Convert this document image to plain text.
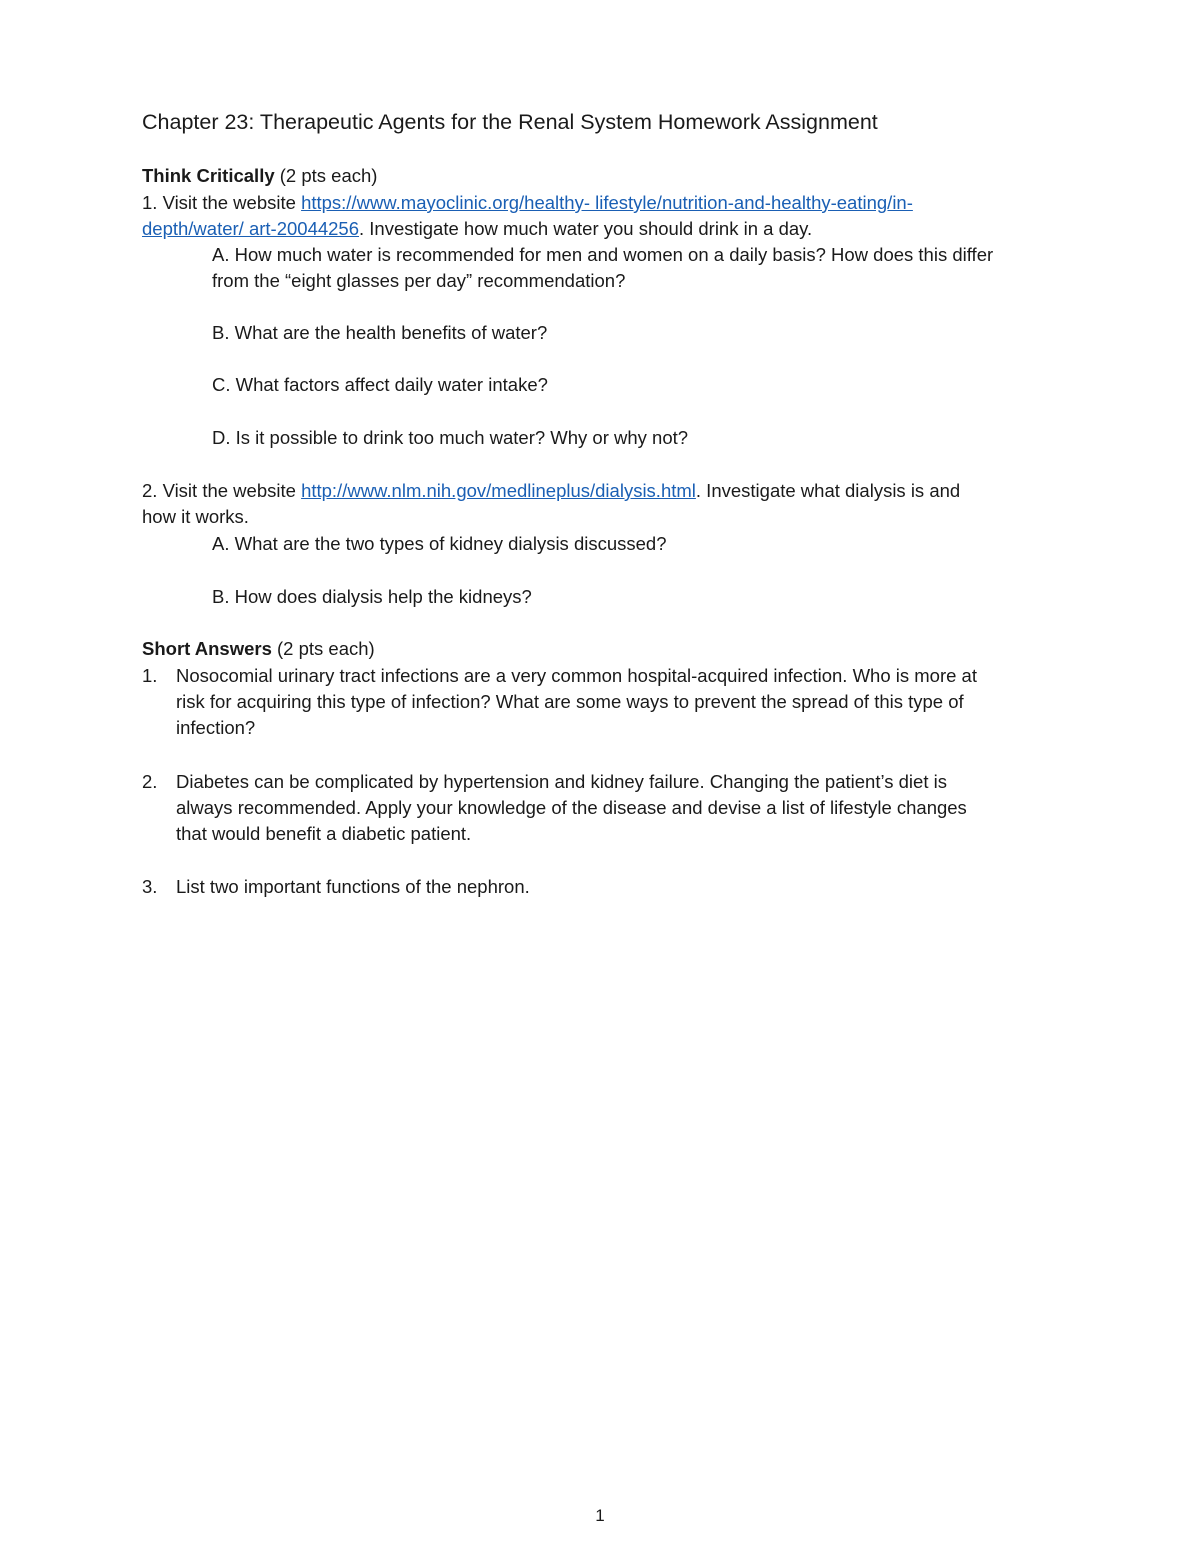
Chapter 23: Therapeutic Agents for the Renal System Homework Assignment
Think Critically (2 pts each)
1. Visit the website https://www.mayoclinic.org/healthy- lifestyle/nutrition-and-healthy-eating/in-
depth/water/ art-20044256. Investigate how much water you should drink in a day.
A. How much water is recommended for men and women on a daily basis? How does this differ
from the “eight glasses per day” recommendation?
B. What are the health benefits of water?
C. What factors affect daily water intake?
D. Is it possible to drink too much water? Why or why not?
2. Visit the website http://www.nlm.nih.gov/medlineplus/dialysis.html. Investigate what dialysis is and
how it works.
A. What are the two types of kidney dialysis discussed?
B. How does dialysis help the kidneys?
Short Answers (2 pts each)
1. Nosocomial urinary tract infections are a very common hospital-acquired infection. Who is more at
risk for acquiring this type of infection? What are some ways to prevent the spread of this type of
infection?
2. Diabetes can be complicated by hypertension and kidney failure. Changing the patient’s diet is
always recommended. Apply your knowledge of the disease and devise a list of lifestyle changes
that would benefit a diabetic patient.
3. List two important functions of the nephron.
1
